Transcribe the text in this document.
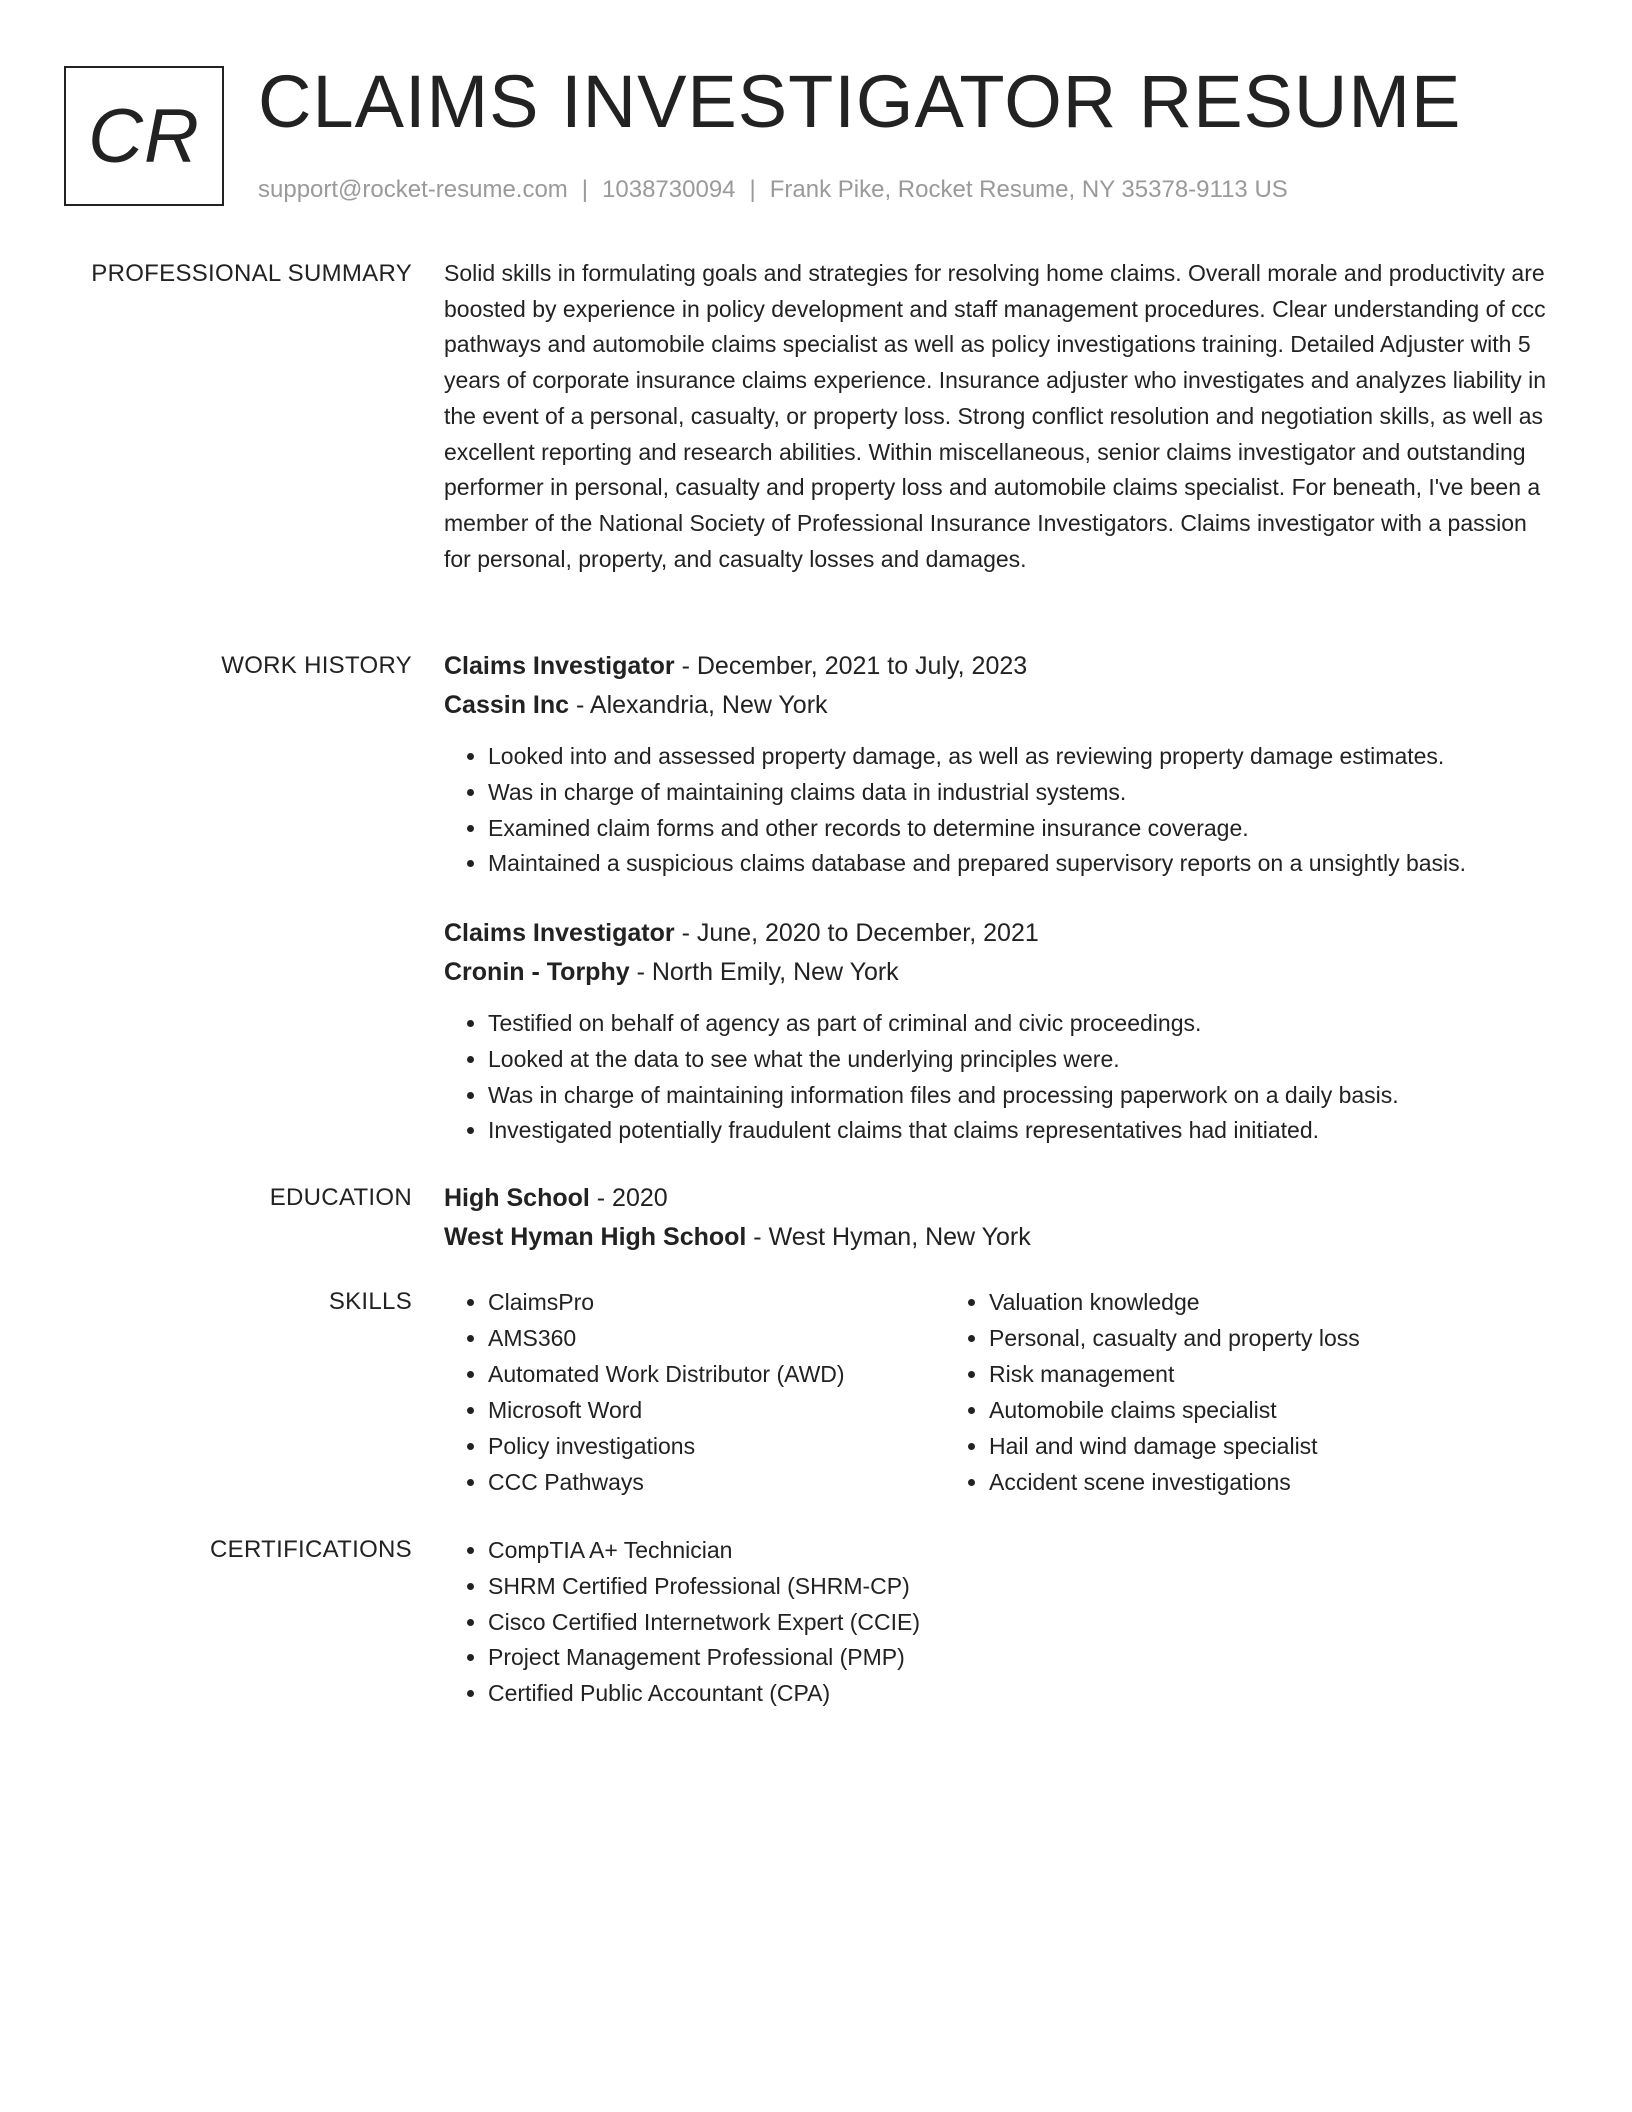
CR CLAIMS INVESTIGATOR RESUME
support@rocket-resume.com | 1038730094 | Frank Pike, Rocket Resume, NY 35378-9113 US
PROFESSIONAL SUMMARY Solid skills in formulating goals and strategies for resolving home claims. Overall morale and productivity are boosted by experience in policy development and staff management procedures. Clear understanding of ccc pathways and automobile claims specialist as well as policy investigations training. Detailed Adjuster with 5 years of corporate insurance claims experience. Insurance adjuster who investigates and analyzes liability in the event of a personal, casualty, or property loss. Strong conflict resolution and negotiation skills, as well as excellent reporting and research abilities. Within miscellaneous, senior claims investigator and outstanding performer in personal, casualty and property loss and automobile claims specialist. For beneath, I've been a member of the National Society of Professional Insurance Investigators. Claims investigator with a passion for personal, property, and casualty losses and damages.

WORK HISTORY Claims Investigator - December, 2021 to July, 2023
Cassin Inc - Alexandria, New York
• Looked into and assessed property damage, as well as reviewing property damage estimates.
• Was in charge of maintaining claims data in industrial systems.
• Examined claim forms and other records to determine insurance coverage.
• Maintained a suspicious claims database and prepared supervisory reports on a unsightly basis.
Claims Investigator - June, 2020 to December, 2021
Cronin - Torphy - North Emily, New York
• Testified on behalf of agency as part of criminal and civic proceedings.
• Looked at the data to see what the underlying principles were.
• Was in charge of maintaining information files and processing paperwork on a daily basis.
• Investigated potentially fraudulent claims that claims representatives had initiated.
EDUCATION High School - 2020
West Hyman High School - West Hyman, New York
SKILLS	• ClaimsPro
• AMS360
• Automated Work Distributor (AWD)
• Microsoft Word
• Policy investigations
• CCC Pathways
• Valuation knowledge
• Personal, casualty and property loss
• Risk management
• Automobile claims specialist
• Hail and wind damage specialist
• Accident scene investigations
CERTIFICATIONS	• CompTIA A+ Technician
• SHRM Certified Professional (SHRM-CP)
• Cisco Certified Internetwork Expert (CCIE)
• Project Management Professional (PMP)
• Certified Public Accountant (CPA)
